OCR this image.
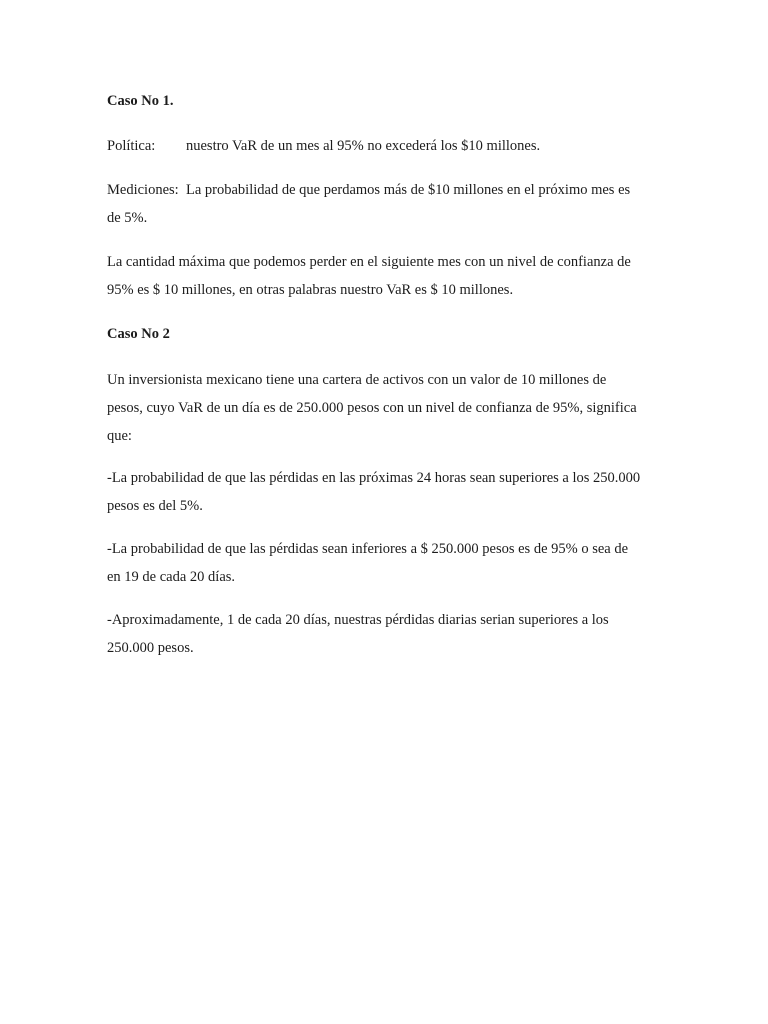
Caso No 1.

Política: nuestro VaR de un mes al 95% no excederá los $10 millones.

Mediciones: La probabilidad de que perdamos más de $10 millones en el próximo mes es
de 5%.
La cantidad máxima que podemos perder en el siguiente mes con un nivel de confianza de
95% es $ 10 millones, en otras palabras nuestro VaR es $ 10 millones.

Caso No 2

Un inversionista mexicano tiene una cartera de activos con un valor de 10 millones de
pesos, cuyo VaR de un día es de 250.000 pesos con un nivel de confianza de 95%, significa
que:
-La probabilidad de que las pérdidas en las próximas 24 horas sean superiores a los 250.000
pesos es del 5%.
-La probabilidad de que las pérdidas sean inferiores a $ 250.000 pesos es de 95% o sea de
en 19 de cada 20 días.
-Aproximadamente, 1 de cada 20 días, nuestras pérdidas diarias serian superiores a los
250.000 pesos.
